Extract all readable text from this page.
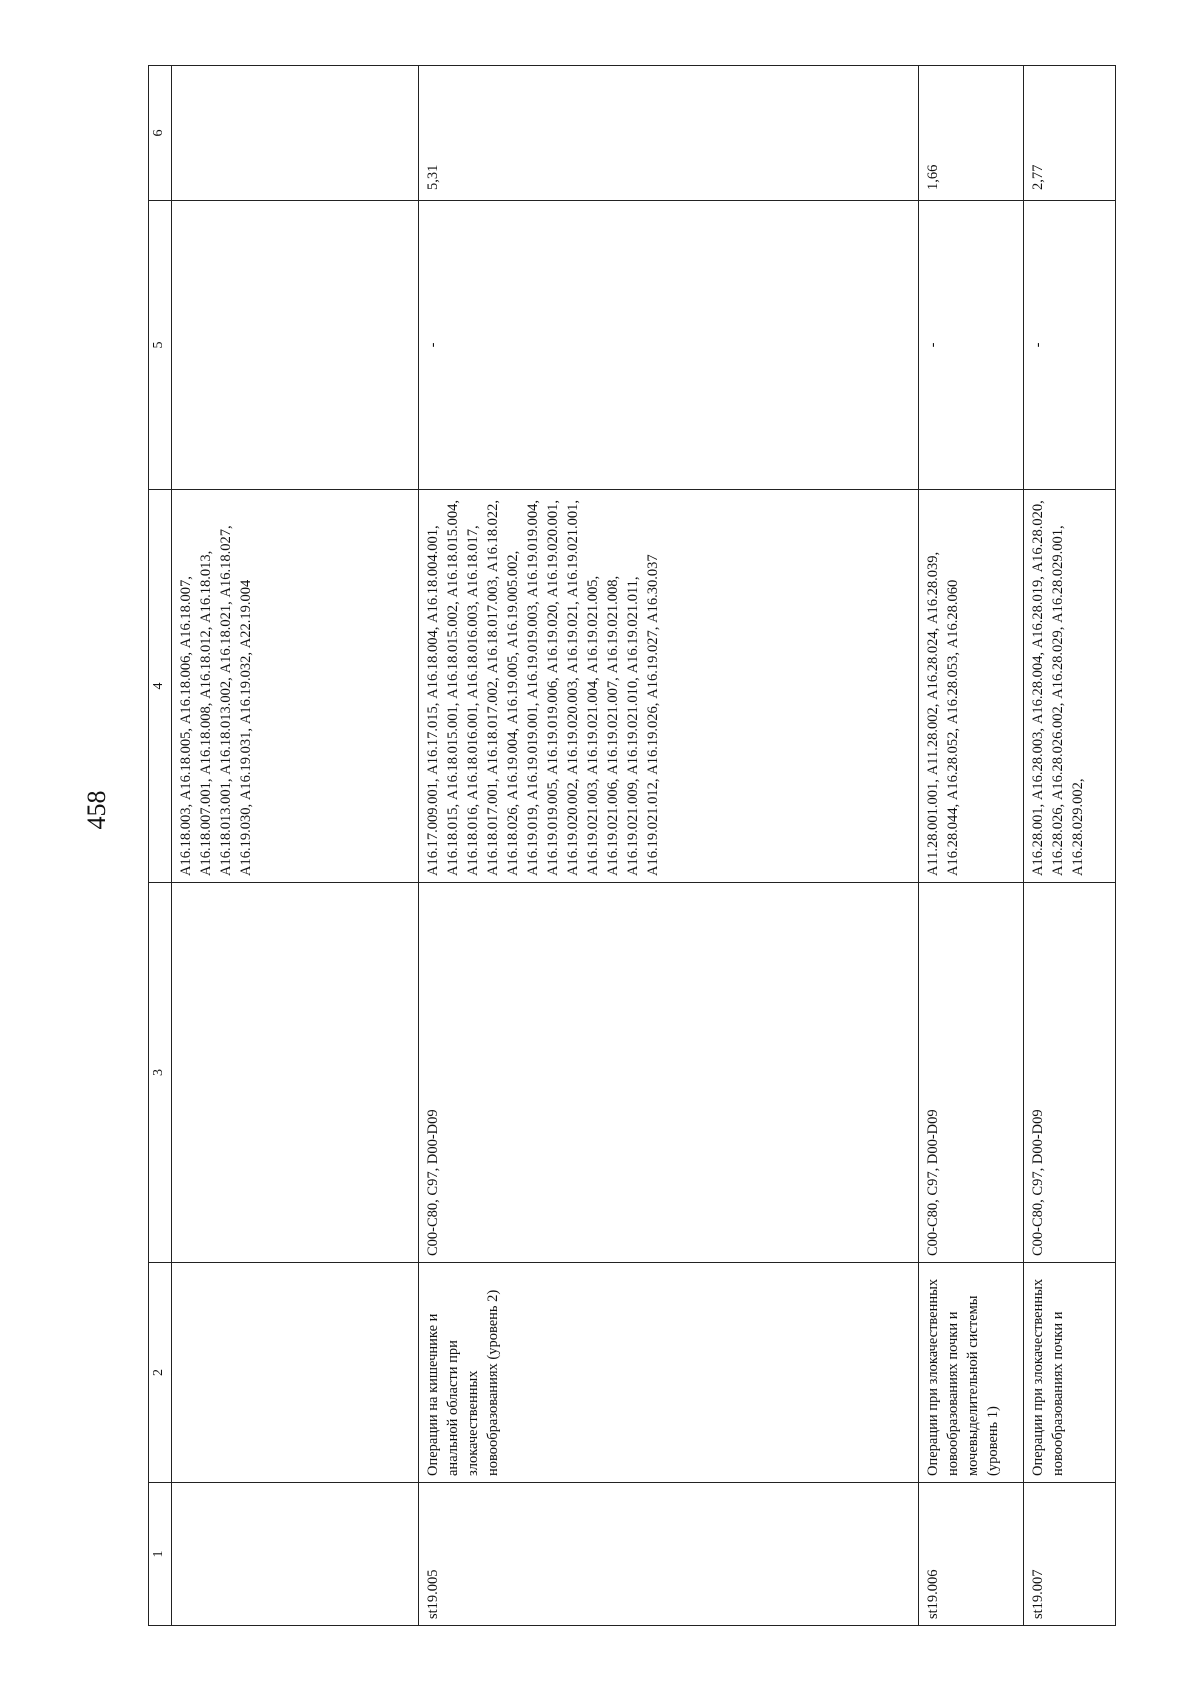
458
1	2	3	4	5	6
			A16.18.003, A16.18.005, A16.18.006, A16.18.007, A16.18.007.001, A16.18.008, A16.18.012, A16.18.013, A16.18.013.001, A16.18.013.002, A16.18.021, A16.18.027, A16.19.030, A16.19.031, A16.19.032, A22.19.004		
st19.005	Операции на кишечнике и анальной области при злокачественных новообразованиях (уровень 2)	C00-C80, C97, D00-D09	A16.17.009.001, A16.17.015, A16.18.004, A16.18.004.001, A16.18.015, A16.18.015.001, A16.18.015.002, A16.18.015.004, A16.18.016, A16.18.016.001, A16.18.016.003, A16.18.017, A16.18.017.001, A16.18.017.002, A16.18.017.003, A16.18.022, A16.18.026, A16.19.004, A16.19.005, A16.19.005.002, A16.19.019, A16.19.019.001, A16.19.019.003, A16.19.019.004, A16.19.019.005, A16.19.019.006, A16.19.020, A16.19.020.001, A16.19.020.002, A16.19.020.003, A16.19.021, A16.19.021.001, A16.19.021.003, A16.19.021.004, A16.19.021.005, A16.19.021.006, A16.19.021.007, A16.19.021.008, A16.19.021.009, A16.19.021.010, A16.19.021.011, A16.19.021.012, A16.19.026, A16.19.027, A16.30.037	-	5,31
st19.006	Операции при злокачественных новообразованиях почки и мочевыделительной системы (уровень 1)	C00-C80, C97, D00-D09	A11.28.001.001, A11.28.002, A16.28.024, A16.28.039, A16.28.044, A16.28.052, A16.28.053, A16.28.060	-	1,66
st19.007	Операции при злокачественных новообразованиях почки и	C00-C80, C97, D00-D09	A16.28.001, A16.28.003, A16.28.004, A16.28.019, A16.28.020, A16.28.026, A16.28.026.002, A16.28.029, A16.28.029.001, A16.28.029.002,	-	2,77
